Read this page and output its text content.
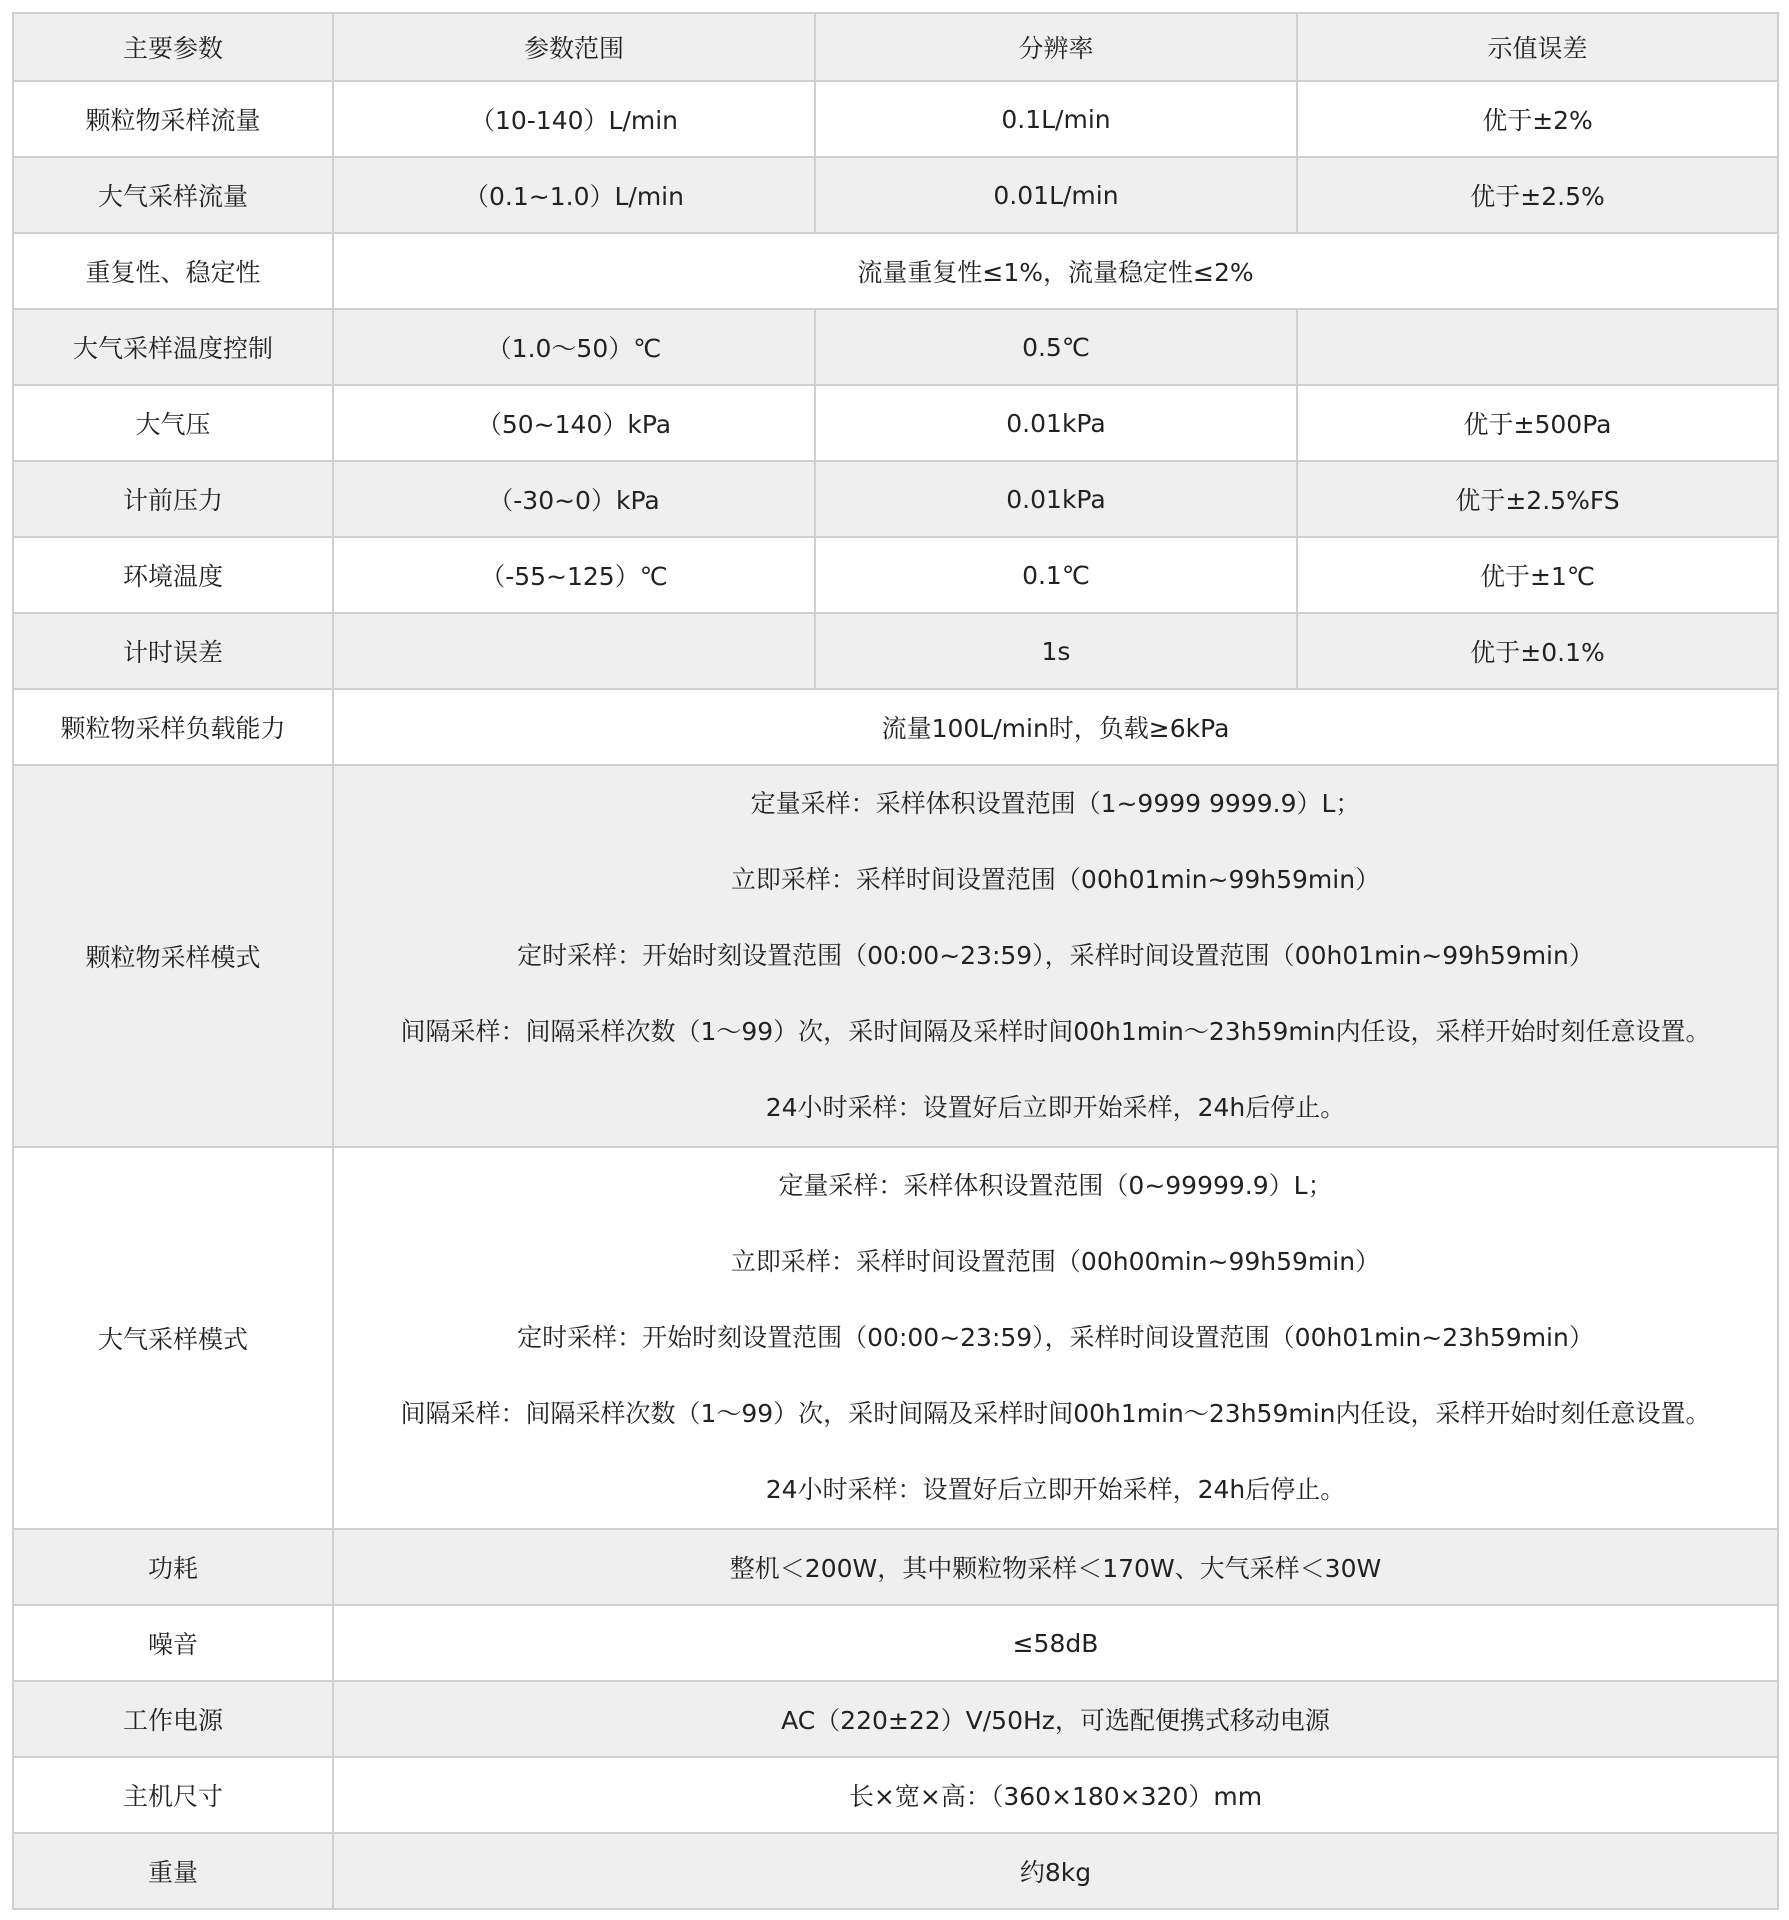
主要参数	参数范围	分辨率	示值误差
颗粒物采样流量	（10-140）L/min	0.1L/min	优于±2%
大气采样流量	（0.1~1.0）L/min	0.01L/min	优于±2.5%
重复性、稳定性	流量重复性≤1%，流量稳定性≤2%		
大气采样温度控制	（1.0～50）℃	0.5℃	
大气压	（50~140）kPa	0.01kPa	优于±500Pa
计前压力	（-30~0）kPa	0.01kPa	优于±2.5%FS
环境温度	（-55~125）℃	0.1℃	优于±1℃
计时误差		1s	优于±0.1%
颗粒物采样负载能力	流量100L/min时，负载≥6kPa		
颗粒物采样模式	定量采样：采样体积设置范围（1~9999 9999.9）L；
立即采样：采样时间设置范围（00h01min~99h59min）
定时采样：开始时刻设置范围（00:00~23:59），采样时间设置范围（00h01min~99h59min）
间隔采样：间隔采样次数（1～99）次，采时间隔及采样时间00h1min～23h59min内任设，采样开始时刻任意设置。
24小时采样：设置好后立即开始采样，24h后停止。		

大气采样模式	定量采样：采样体积设置范围（0~99999.9）L；
立即采样：采样时间设置范围（00h00min~99h59min）
定时采样：开始时刻设置范围（00:00~23:59），采样时间设置范围（00h01min~23h59min）
间隔采样：间隔采样次数（1～99）次，采时间隔及采样时间00h1min～23h59min内任设，采样开始时刻任意设置。
24小时采样：设置好后立即开始采样，24h后停止。		

功耗	整机＜200W，其中颗粒物采样＜170W、大气采样＜30W		
噪音	≤58dB		
工作电源	AC（220±22）V/50Hz，可选配便携式移动电源		
主机尺寸	长×宽×高：（360×180×320）mm		
重量	约8kg		
